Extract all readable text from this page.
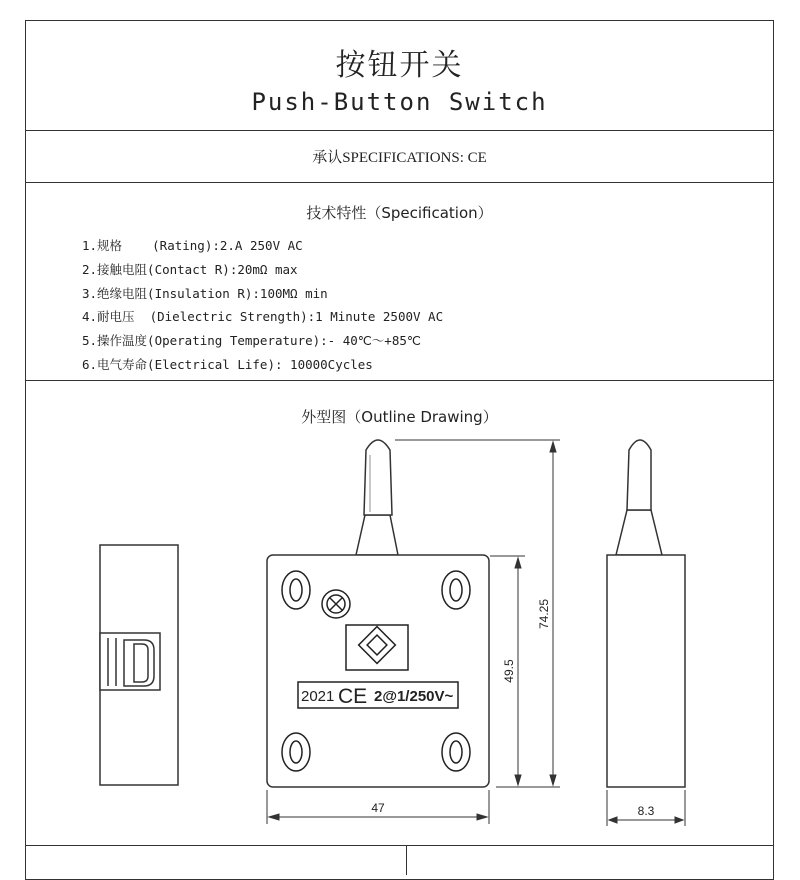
按钮开关
Push-Button Switch
承认SPECIFICATIONS: CE
技术特性（Specification）
1.规格    (Rating):2.A 250V AC
2.接触电阻(Contact R):20mΩ max
3.绝缘电阻(Insulation R):100MΩ min
4.耐电压  (Dielectric Strength):1 Minute 2500V AC
5.操作温度(Operating Temperature):- 40℃～+85℃
6.电气寿命(Electrical Life): 10000Cycles
外型图（Outline Drawing）
2021 CE 2@1/250V~
74.25
49.5
47	8.3
